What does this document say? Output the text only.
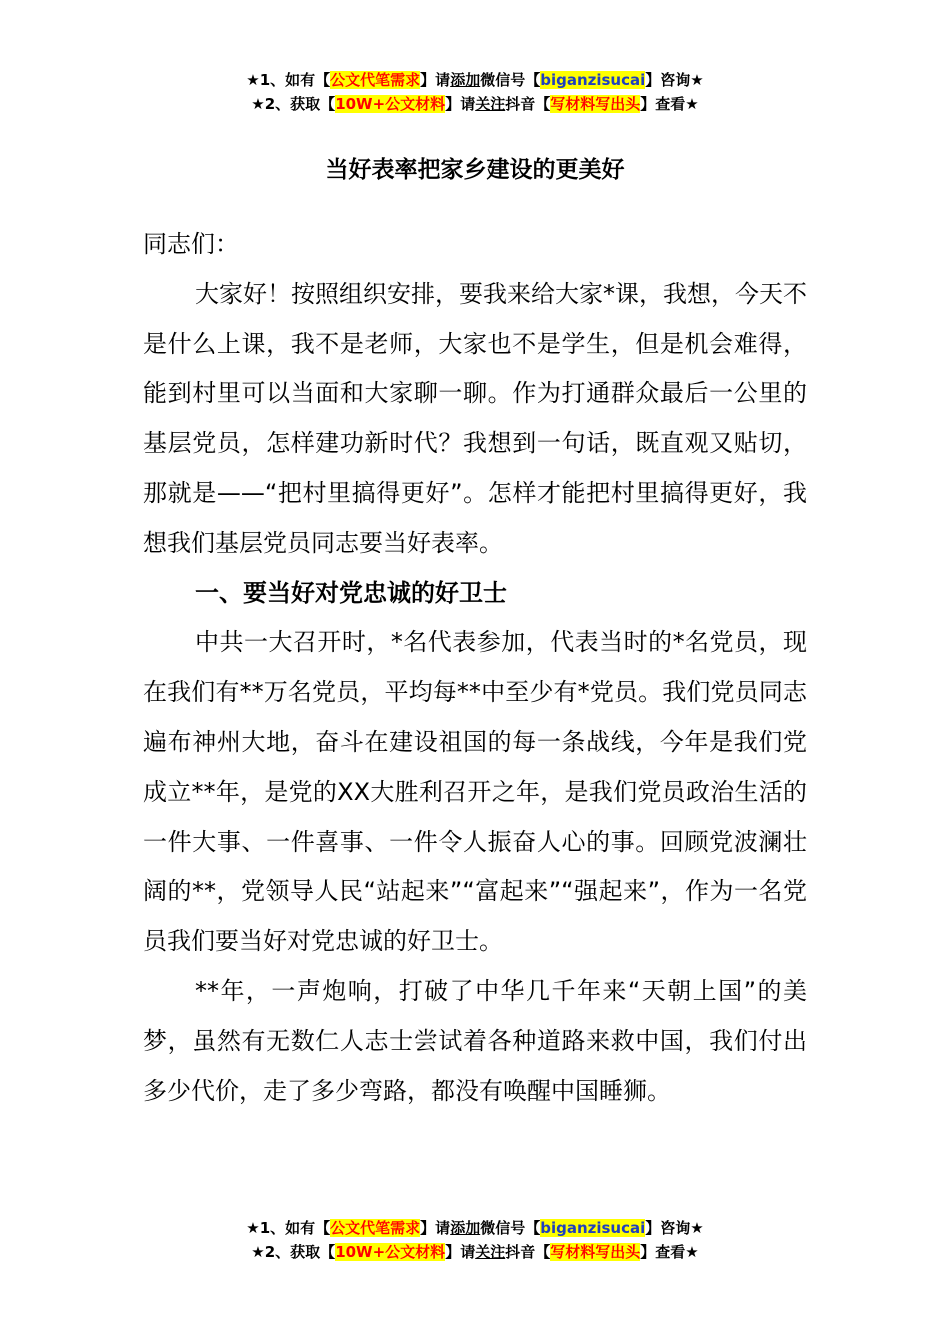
★1、如有【公文代笔需求】请添加微信号【biganzisucai】咨询★
★2、获取【10W+公文材料】请关注抖音【写材料写出头】查看★
当好表率把家乡建设的更美好

同志们：

大家好！按照组织安排，要我来给大家*课，我想，今天不是什么上课，我不是老师，大家也不是学生，但是机会难得，能到村里可以当面和大家聊一聊。作为打通群众最后一公里的基层党员，怎样建功新时代？我想到一句话，既直观又贴切，那就是——“把村里搞得更好”。怎样才能把村里搞得更好，我想我们基层党员同志要当好表率。

一、要当好对党忠诚的好卫士

中共一大召开时，*名代表参加，代表当时的*名党员，现在我们有**万名党员，平均每**中至少有*党员。我们党员同志遍布神州大地，奋斗在建设祖国的每一条战线，今年是我们党成立**年，是党的XX大胜利召开之年，是我们党员政治生活的一件大事、一件喜事、一件令人振奋人心的事。回顾党波澜壮阔的**，党领导人民“站起来”“富起来”“强起来”，作为一名党员我们要当好对党忠诚的好卫士。

**年，一声炮响，打破了中华几千年来“天朝上国”的美梦，虽然有无数仁人志士尝试着各种道路来救中国，我们付出多少代价，走了多少弯路，都没有唤醒中国睡狮。

★1、如有【公文代笔需求】请添加微信号【biganzisucai】咨询★
★2、获取【10W+公文材料】请关注抖音【写材料写出头】查看★
